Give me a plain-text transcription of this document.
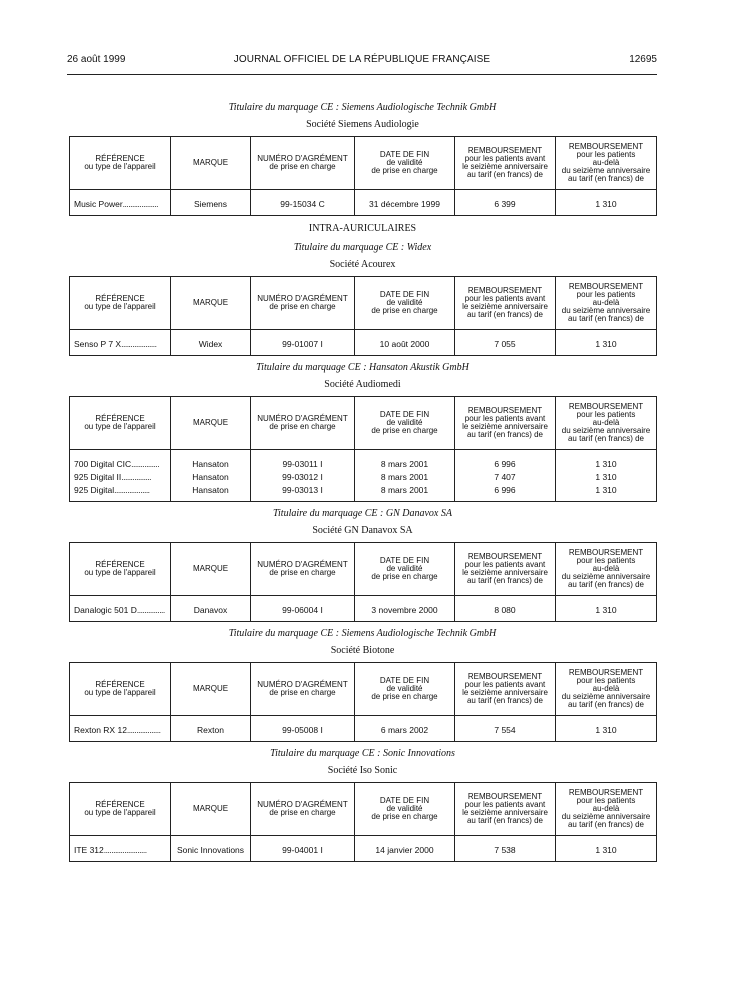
26 août 1999	JOURNAL OFFICIEL DE LA RÉPUBLIQUE FRANÇAISE	12695
Titulaire du marquage CE : Siemens Audiologische Technik GmbH
Société Siemens Audiologie
RÉFÉRENCE
ou type de l'appareil	MARQUE	NUMÉRO D'AGRÉMENT
de prise en charge	DATE DE FIN
de validité
de prise en charge	REMBOURSEMENT
pour les patients avant
le seizième anniversaire
au tarif (en francs) de	REMBOURSEMENT
pour les patients
au-delà
du seizième anniversaire
au tarif (en francs) de

Music Power...................	Siemens	99-15034 C	31 décembre 1999	6 399	1 310
INTRA-AURICULAIRES
Titulaire du marquage CE : Widex
Société Acourex
RÉFÉRENCE
ou type de l'appareil	MARQUE	NUMÉRO D'AGRÉMENT
de prise en charge	DATE DE FIN
de validité
de prise en charge	REMBOURSEMENT
pour les patients avant
le seizième anniversaire
au tarif (en francs) de	REMBOURSEMENT
pour les patients
au-delà
du seizième anniversaire
au tarif (en francs) de

Senso P 7 X...................	Widex	99-01007 I	10 août 2000	7 055	1 310
Titulaire du marquage CE : Hansaton Akustik GmbH
Société Audiomedi
RÉFÉRENCE
ou type de l'appareil	MARQUE	NUMÉRO D'AGRÉMENT
de prise en charge	DATE DE FIN
de validité
de prise en charge	REMBOURSEMENT
pour les patients avant
le seizième anniversaire
au tarif (en francs) de	REMBOURSEMENT
pour les patients
au-delà
du seizième anniversaire
au tarif (en francs) de

700 Digital CIC...............	Hansaton	99-03011 I	8 mars 2001	6 996	1 310
925 Digital II................	Hansaton	99-03012 I	8 mars 2001	7 407	1 310
925 Digital...................	Hansaton	99-03013 I	8 mars 2001	6 996	1 310
Titulaire du marquage CE : GN Danavox SA
Société GN Danavox SA
RÉFÉRENCE
ou type de l'appareil	MARQUE	NUMÉRO D'AGRÉMENT
de prise en charge	DATE DE FIN
de validité
de prise en charge	REMBOURSEMENT
pour les patients avant
le seizième anniversaire
au tarif (en francs) de	REMBOURSEMENT
pour les patients
au-delà
du seizième anniversaire
au tarif (en francs) de

Danalogic 501 D...............	Danavox	99-06004 I	3 novembre 2000	8 080	1 310
Titulaire du marquage CE : Siemens Audiologische Technik GmbH
Société Biotone
RÉFÉRENCE
ou type de l'appareil	MARQUE	NUMÉRO D'AGRÉMENT
de prise en charge	DATE DE FIN
de validité
de prise en charge	REMBOURSEMENT
pour les patients avant
le seizième anniversaire
au tarif (en francs) de	REMBOURSEMENT
pour les patients
au-delà
du seizième anniversaire
au tarif (en francs) de

Rexton RX 12..................	Rexton	99-05008 I	6 mars 2002	7 554	1 310
Titulaire du marquage CE : Sonic Innovations
Société Iso Sonic
RÉFÉRENCE
ou type de l'appareil	MARQUE	NUMÉRO D'AGRÉMENT
de prise en charge	DATE DE FIN
de validité
de prise en charge	REMBOURSEMENT
pour les patients avant
le seizième anniversaire
au tarif (en francs) de	REMBOURSEMENT
pour les patients
au-delà
du seizième anniversaire
au tarif (en francs) de

ITE 312.......................	Sonic Innovations	99-04001 I	14 janvier 2000	7 538	1 310
